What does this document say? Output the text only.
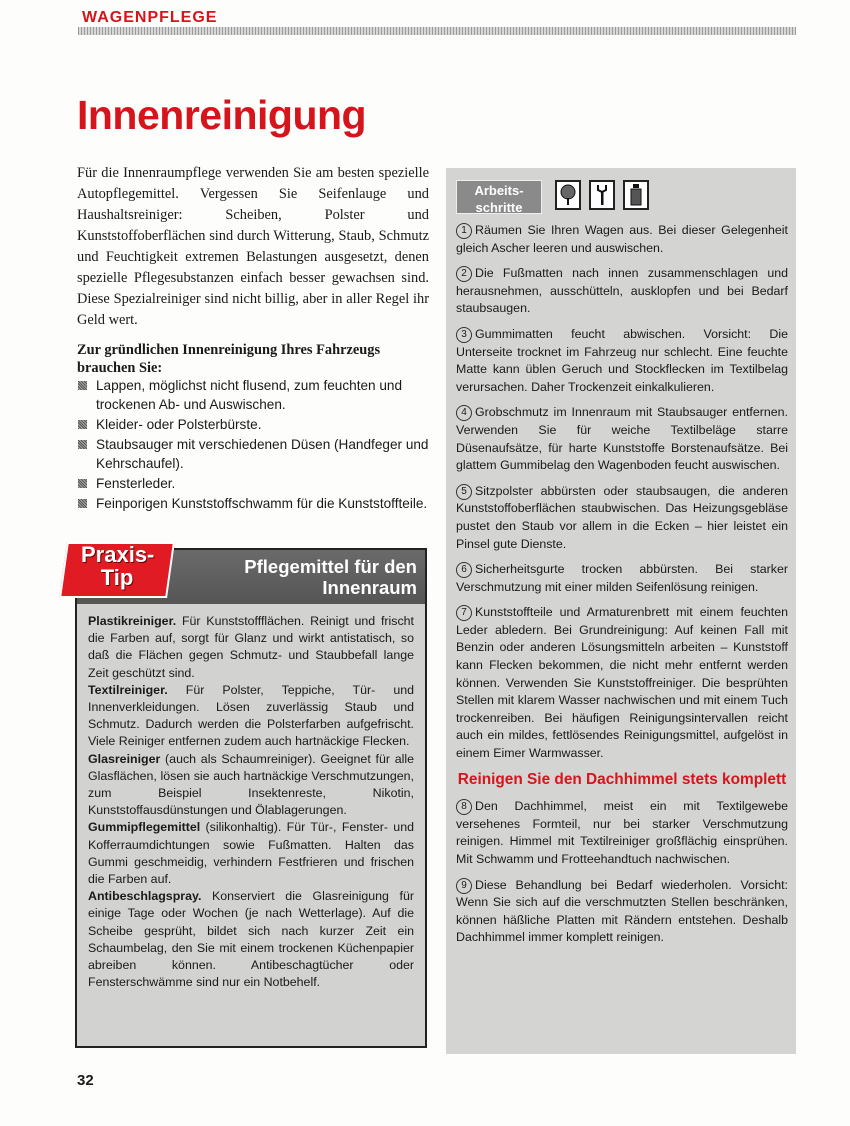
WAGENPFLEGE
Innenreinigung

Für die Innenraumpflege verwenden Sie am besten spezielle Autopflegemittel. Vergessen Sie Seifenlauge und Haushaltsreiniger: Scheiben, Polster und Kunststoffoberflächen sind durch Witterung, Staub, Schmutz und Feuchtigkeit extremen Belastungen ausgesetzt, denen spezielle Pflegesubstanzen einfach besser gewachsen sind. Diese Spezialreiniger sind nicht billig, aber in aller Regel ihr Geld wert.

Zur gründlichen Innenreinigung Ihres Fahrzeugs brauchen Sie:

Lappen, möglichst nicht flusend, zum feuchten und trockenen Ab- und Auswischen.
Kleider- oder Polsterbürste.
Staubsauger mit verschiedenen Düsen (Handfeger und Kehrschaufel).
Fensterleder.
Feinporigen Kunststoffschwamm für die Kunststoffteile.
Praxis-Tip	Pflegemittel für den Innenraum

Plastikreiniger. Für Kunststoffflächen. Reinigt und frischt die Farben auf, sorgt für Glanz und wirkt antistatisch, so daß die Flächen gegen Schmutz- und Staubbefall lange Zeit geschützt sind.

Textilreiniger. Für Polster, Teppiche, Tür- und Innenverkleidungen. Lösen zuverlässig Staub und Schmutz. Dadurch werden die Polsterfarben aufgefrischt. Viele Reiniger entfernen zudem auch hartnäckige Flecken.

Glasreiniger (auch als Schaumreiniger). Geeignet für alle Glasflächen, lösen sie auch hartnäckige Verschmutzungen, zum Beispiel Insektenreste, Nikotin, Kunststoffausdünstungen und Ölablagerungen.

Gummipflegemittel (silikonhaltig). Für Tür-, Fenster- und Kofferraumdichtungen sowie Fußmatten. Halten das Gummi geschmeidig, verhindern Festfrieren und frischen die Farben auf.

Antibeschlagspray. Konserviert die Glasreinigung für einige Tage oder Wochen (je nach Wetterlage). Auf die Scheibe gesprüht, bildet sich nach kurzer Zeit ein Schaumbelag, den Sie mit einem trockenen Küchenpapier abreiben können. Antibeschagtücher oder Fensterschwämme sind nur ein Notbehelf.

Arbeits-
schritte

1 Räumen Sie Ihren Wagen aus. Bei dieser Gelegenheit gleich Ascher leeren und auswischen.

2 Die Fußmatten nach innen zusammenschlagen und herausnehmen, ausschütteln, ausklopfen und bei Bedarf staubsaugen.

3 Gummimatten feucht abwischen. Vorsicht: Die Unterseite trocknet im Fahrzeug nur schlecht. Eine feuchte Matte kann üblen Geruch und Stockflecken im Textilbelag verursachen. Daher Trockenzeit einkalkulieren.

4 Grobschmutz im Innenraum mit Staubsauger entfernen. Verwenden Sie für weiche Textilbeläge starre Düsenaufsätze, für harte Kunststoffe Borstenaufsätze. Bei glattem Gummibelag den Wagenboden feucht auswischen.

5 Sitzpolster abbürsten oder staubsaugen, die anderen Kunststoffoberflächen staubwischen. Das Heizungsgebläse pustet den Staub vor allem in die Ecken – hier leistet ein Pinsel gute Dienste.

6 Sicherheitsgurte trocken abbürsten. Bei starker Verschmutzung mit einer milden Seifenlösung reinigen.

7 Kunststoffteile und Armaturenbrett mit einem feuchten Leder abledern. Bei Grundreinigung: Auf keinen Fall mit Benzin oder anderen Lösungsmitteln arbeiten – Kunststoff kann Flecken bekommen, die nicht mehr entfernt werden können. Verwenden Sie Kunststoffreiniger. Die besprühten Stellen mit klarem Wasser nachwischen und mit einem Tuch trockenreiben. Bei häufigen Reinigungsintervallen reicht auch ein mildes, fettlösendes Reinigungsmittel, aufgelöst in einem Eimer Warmwasser.

Reinigen Sie den Dachhimmel stets komplett

8 Den Dachhimmel, meist ein mit Textilgewebe versehenes Formteil, nur bei starker Verschmutzung reinigen. Himmel mit Textilreiniger großflächig einsprühen. Mit Schwamm und Frotteehandtuch nachwischen.

9 Diese Behandlung bei Bedarf wiederholen. Vorsicht: Wenn Sie sich auf die verschmutzten Stellen beschränken, können häßliche Platten mit Rändern entstehen. Deshalb Dachhimmel immer komplett reinigen.

32
